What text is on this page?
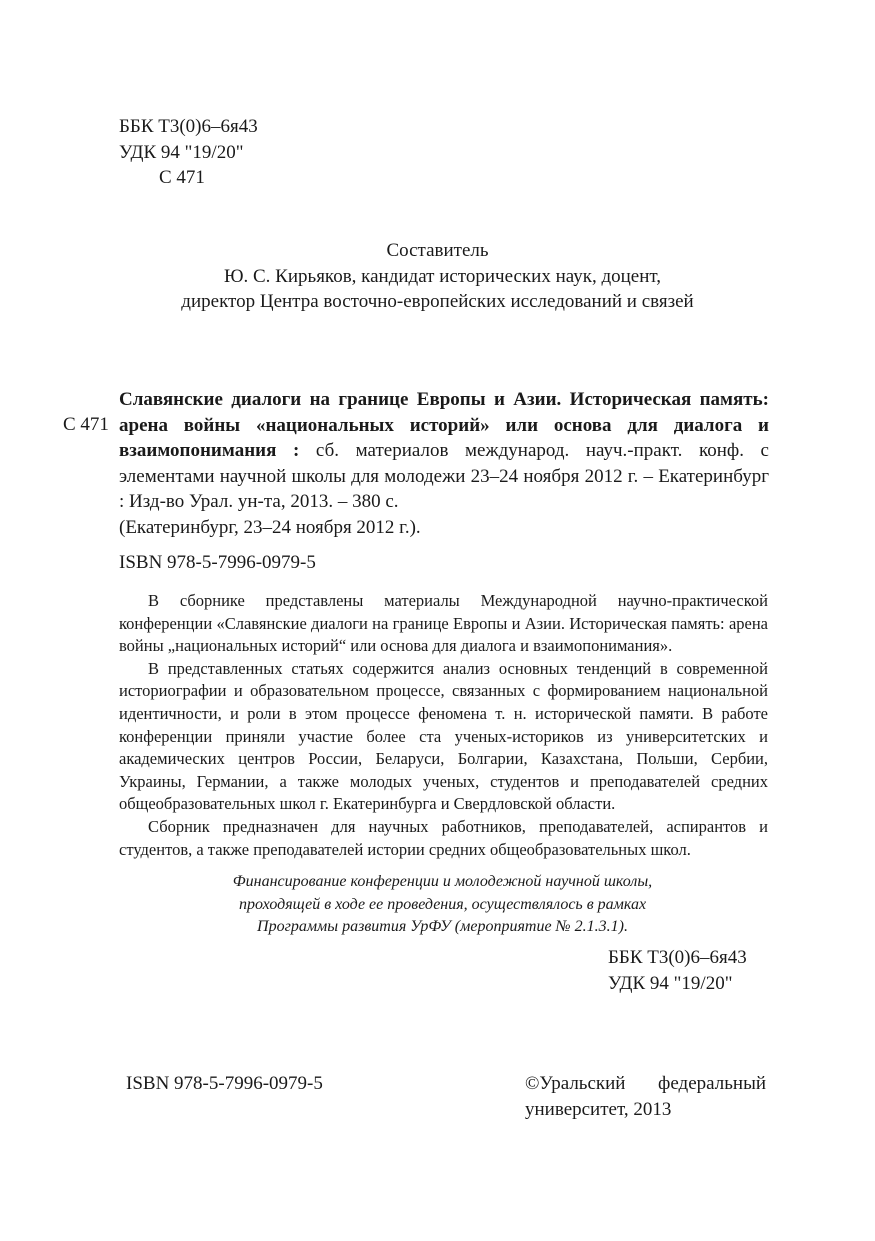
ББК Т3(0)6–6я43
УДК 94 "19/20"
С 471
Составитель
Ю. С. Кирьяков, кандидат исторических наук, доцент,
директор Центра восточно-европейских исследований и связей
С 471
Славянские диалоги на границе Европы и Азии. Историческая память: арена войны «национальных историй» или основа для диалога и взаимопонимания : сб. материалов международ. науч.-практ. конф. с элементами научной школы для молодежи 23–24 ноября 2012 г. – Екатеринбург : Изд-во Урал. ун-та, 2013. – 380 с.
(Екатеринбург, 23–24 ноября 2012 г.).
ISBN 978-5-7996-0979-5

В сборнике представлены материалы Международной научно-практической конференции «Славянские диалоги на границе Европы и Азии. Историческая память: арена войны „национальных историй“ или основа для диалога и взаимопонимания».

В представленных статьях содержится анализ основных тенденций в современной историографии и образовательном процессе, связанных с формированием национальной идентичности, и роли в этом процессе феномена т. н. исторической памяти. В работе конференции приняли участие более ста ученых-историков из университетских и академических центров России, Беларуси, Болгарии, Казахстана, Польши, Сербии, Украины, Германии, а также молодых ученых, студентов и преподавателей средних общеобразовательных школ г. Екатеринбурга и Свердловской области.

Сборник предназначен для научных работников, преподавателей, аспирантов и студентов, а также преподавателей истории средних общеобразовательных школ.

Финансирование конференции и молодежной научной школы,
проходящей в ходе ее проведения, осуществлялось в рамках
Программы развития УрФУ (мероприятие № 2.1.3.1).
ББК Т3(0)6–6я43
УДК 94 "19/20"
ISBN 978-5-7996-0979-5	©Уральский федеральный
университет, 2013
